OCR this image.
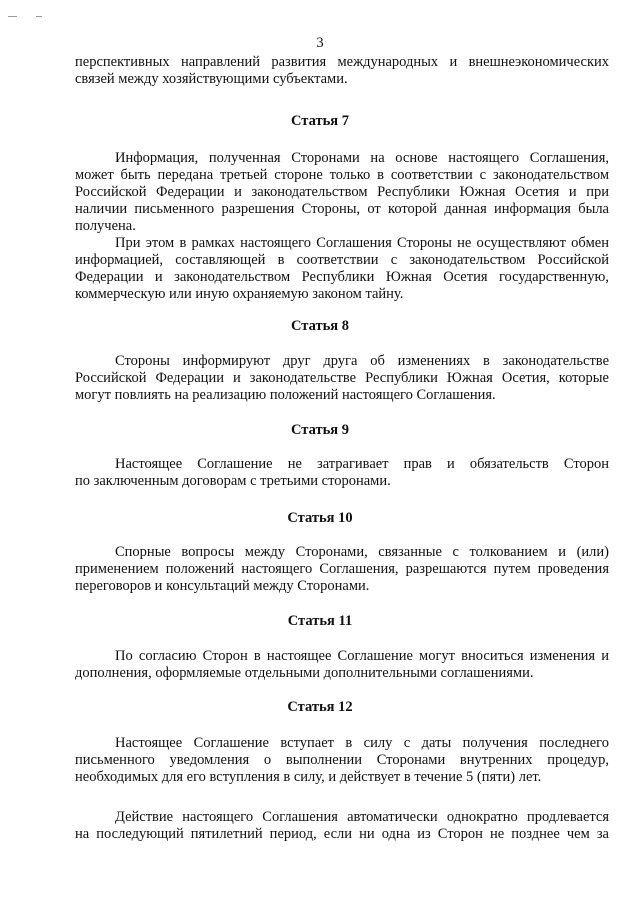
3
перспективных направлений развития международных и внешнеэкономических
связей между хозяйствующими субъектами.
Статья 7
Информация, полученная Сторонами на основе настоящего Соглашения,
может быть передана третьей стороне только в соответствии с законодательством
Российской Федерации и законодательством Республики Южная Осетия и при
наличии письменного разрешения Стороны, от которой данная информация была
получена.
При этом в рамках настоящего Соглашения Стороны не осуществляют обмен
информацией, составляющей в соответствии с законодательством Российской
Федерации и законодательством Республики Южная Осетия государственную,
коммерческую или иную охраняемую законом тайну.
Статья 8
Стороны информируют друг друга об изменениях в законодательстве
Российской Федерации и законодательстве Республики Южная Осетия, которые
могут повлиять на реализацию положений настоящего Соглашения.
Статья 9
Настоящее Соглашение не затрагивает прав и обязательств Сторон
по заключенным договорам с третьими сторонами.
Статья 10
Спорные вопросы между Сторонами, связанные с толкованием и (или)
применением положений настоящего Соглашения, разрешаются путем проведения
переговоров и консультаций между Сторонами.
Статья 11
По согласию Сторон в настоящее Соглашение могут вноситься изменения и
дополнения, оформляемые отдельными дополнительными соглашениями.
Статья 12
Настоящее Соглашение вступает в силу с даты получения последнего
письменного уведомления о выполнении Сторонами внутренних процедур,
необходимых для его вступления в силу, и действует в течение 5 (пяти) лет.
Действие настоящего Соглашения автоматически однократно продлевается
на последующий пятилетний период, если ни одна из Сторон не позднее чем за
